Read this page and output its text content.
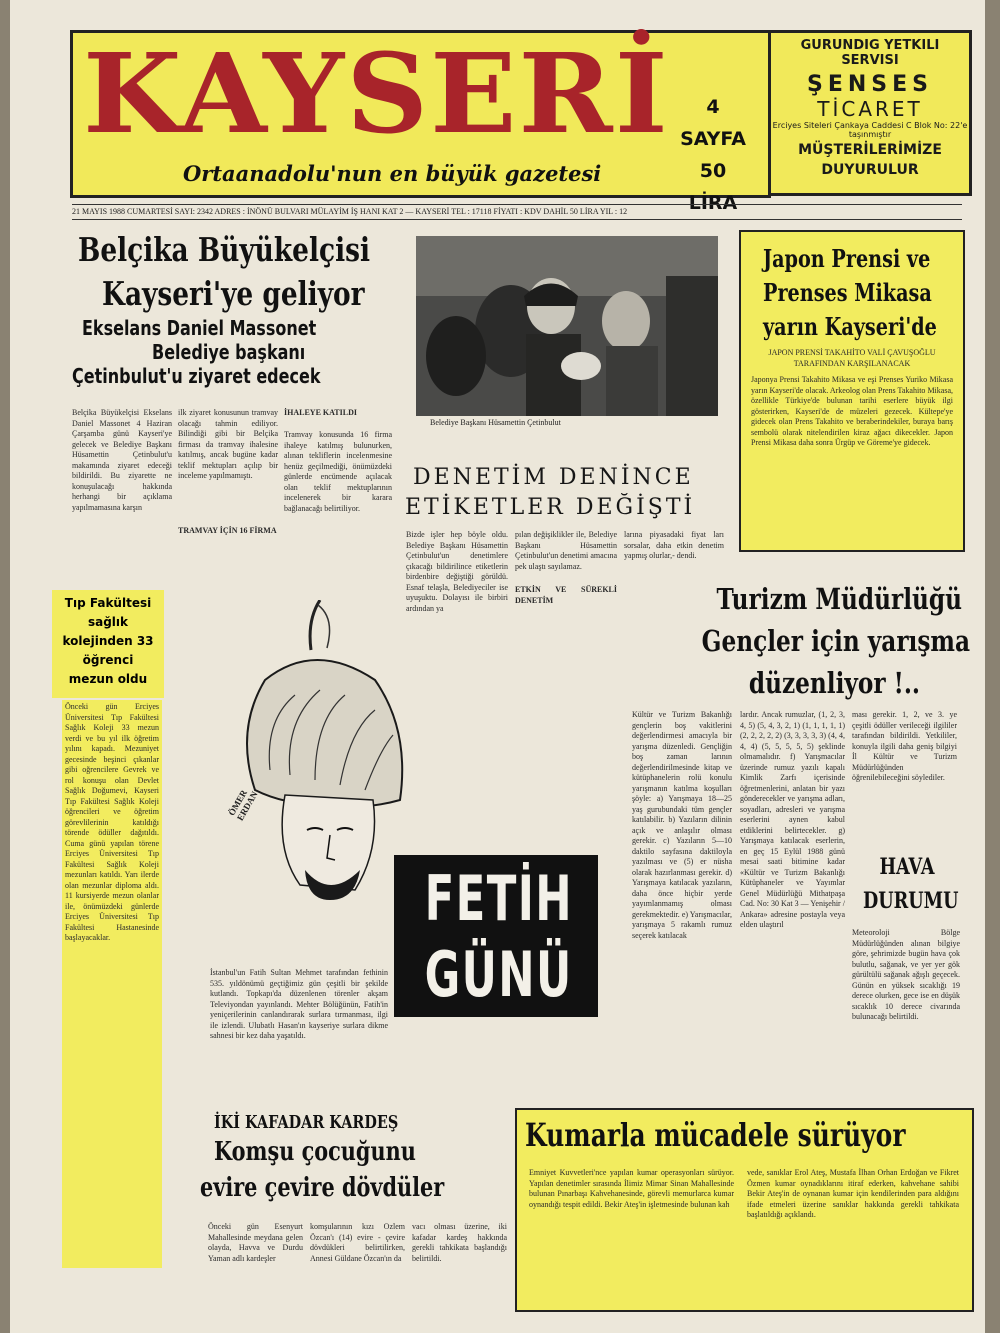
KAYSERİ
Ortaanadolu'nun en büyük gazetesi
4
SAYFA
50 LİRA
GURUNDIG YETKILI
SERVISI
ŞENSES
TİCARET
Erciyes Siteleri Çankaya Caddesi C Blok No: 22'e taşınmıştır
MÜŞTERİLERİMİZE
DUYURULUR
21 MAYIS 1988 CUMARTESİ SAYI: 2342 ADRES : İNÖNÜ BULVARI MÜLAYİM İŞ HANI KAT 2 — KAYSERİ TEL : 17118 FİYATI : KDV DAHİL 50 LİRA YIL : 12
Belçika Büyükelçisi
Kayseri'ye geliyor
Ekselans Daniel Massonet
Belediye başkanı
Çetinbulut'u ziyaret edecek
Belçika Büyükelçisi Ekselans Daniel Massonet 4 Haziran Çarşamba günü Kayseri'ye gelecek ve Belediye Başkanı Hüsamettin Çetinbulut'u makamında ziyaret edeceği bildirildi. Bu ziyarette ne konuşulacağı hakkında herhangi bir açıklama yapılmamasına karşın
ilk ziyaret konusunun tramvay olacağı tahmin ediliyor. Bilindiği gibi bir Belçika firması da tramvay ihalesine katılmış, ancak bugüne kadar teklif mektupları açılıp bir inceleme yapılmamıştı.
TRAMVAY İÇİN 16 FİRMA
İHALEYE KATILDI
Tramvay konusunda 16 firma ihaleye katılmış bulunurken, alınan tekliflerin incelenmesine henüz geçilmediği, önümüzdeki günlerde encümende açılacak olan teklif mektuplarının incelenerek bir karara bağlanacağı belirtiliyor.
Belediye Başkanı Hüsamettin Çetinbulut
DENETİM DENİNCE
ETİKETLER DEĞİŞTİ
Bizde işler hep böyle oldu. Belediye Başkanı Hüsamettin Çetinbulut'un denetimlere çıkacağı bildirilince etiketlerin birdenbire değiştiği görüldü. Esnaf telaşla, Belediyeciler ise uyuşuktu. Dolayısı ile birbiri ardından ya
pılan değişiklikler ile, Belediye Başkanı Hüsamettin Çetinbulut'un denetimi amacına pek ulaştı sayılamaz.
ETKİN VE SÜREKLİ DENETİM
larına piyasadaki fiyat ları sorsalar, daha etkin denetim yapmış olurlar,- dendi.
Japon Prensi ve
Prenses Mikasa
yarın Kayseri'de
JAPON PRENSİ TAKAHİTO VALİ ÇAVUŞOĞLU TARAFINDAN KARŞILANACAK
Japonya Prensi Takahito Mikasa ve eşi Prenses Yuriko Mikasa yarın Kayseri'de olacak. Arkeolog olan Prens Takahito Mikasa, özellikle Türkiye'de bulunan tarihi eserlere büyük ilgi gösterirken, Kayseri'de de müzeleri gezecek. Kültepe'ye gidecek olan Prens Takahito ve beraberindekiler, buraya barış sembolü olarak nitelendirilen kiraz ağacı dikecekler. Japon Prensi Mikasa daha sonra Ürgüp ve Göreme'ye gidecek.
Tıp Fakültesi
sağlık
kolejinden 33
öğrenci
mezun oldu
Önceki gün Erciyes Üniversitesi Tıp Fakültesi Sağlık Koleji 33 mezun verdi ve bu yıl ilk öğretim yılını kapadı. Mezuniyet gecesinde beşinci çıkanlar gibi oğrencilere Gevrek ve rol konuşu olan Devlet Sağlık Doğumevi, Kayseri Tıp Fakültesi Sağlık Koleji öğrencileri ve öğretim görevlilerinin katıldığı törende ödüller dağıtıldı. Cuma günü yapılan törene Erciyes Üniversitesi Tıp Fakültesi Sağlık Koleji mezunları katıldı. Yarı ilerde olan mezunlar diploma aldı. 11 kursiyerde mezun olanlar ile, önümüzdeki günlerde Erciyes Üniversitesi Tıp Fakültesi Hastanesinde başlayacaklar.
ÖMER ERDAN
FETİH
GÜNÜ
İstanbul'un Fatih Sultan Mehmet tarafından fethinin 535. yıldönümü geçtiğimiz gün çeşitli bir şekilde kutlandı. Topkapı'da düzenlenen törenler akşam Televiyondan yayınlandı. Mehter Bölüğünün, Fatih'in yeniçerilerinin canlandırarak surlara tırmanması, ilgi ile izlendi. Ulubatlı Hasan'ın kayseriye surlara dikme sahnesi bir kez daha yaşatıldı.
Turizm Müdürlüğü
Gençler için yarışma
düzenliyor !..
Kültür ve Turizm Bakanlığı gençlerin boş vakitlerini değerlendirmesi amacıyla bir yarışma düzenledi. Gençliğin boş zaman larının değerlendirilmesinde kitap ve kütüphanelerin rolü konulu yarışmanın katılma koşulları şöyle: a) Yarışmaya 18—25 yaş gurubundaki tüm gençler katılabilir. b) Yazıların dilinin açık ve anlaşılır olması gerekir. c) Yazıların 5—10 daktilo sayfasına daktiloyla yazılması ve (5) er nüsha olarak hazırlanması gerekir. d) Yarışmaya katılacak yazıların, daha önce hiçbir yerde yayımlanmamış olması gerekmektedir. e) Yarışmacılar, yarışmaya 5 rakamlı rumuz seçerek katılacak
lardır. Ancak rumuzlar, (1, 2, 3, 4, 5) (5, 4, 3, 2, 1) (1, 1, 1, 1, 1) (2, 2, 2, 2, 2) (3, 3, 3, 3, 3) (4, 4, 4, 4) (5, 5, 5, 5, 5) şeklinde olmamalıdır. f) Yarışmacılar üzerinde rumuz yazılı kapalı Kimlik Zarfı içerisinde öğretmenlerini, anlatan bir yazı gönderecekler ve yarışma adları, soyadları, adresleri ve yarışma eserlerini aynen kabul etdiklerini belirtecekler. g) Yarışmaya katılacak eserlerin, en geç 15 Eylül 1988 günü mesai saati bitimine kadar «Kültür ve Turizm Bakanlığı Kütüphaneler ve Yayımlar Genel Müdürlüğü Mithatpaşa Cad. No: 30 Kat 3 — Yenişehir / Ankara» adresine postayla veya elden ulaştırıl
ması gerekir. 1, 2, ve 3. ye çeşitli ödüller verileceği ilgililer tarafından bildirildi. Yetkililer, konuyla ilgili daha geniş bilgiyi İl Kültür ve Turizm Müdürlüğünden öğrenilebileceğini söylediler.
HAVA
DURUMU
Meteoroloji Bölge Müdürlüğünden alınan bilgiye göre, şehrimizde bugün hava çok bulutlu, sağanak, ve yer yer gök gürültülü sağanak ağışlı geçecek. Günün en yüksek sıcaklığı 19 derece olurken, gece ise en düşük sıcaklık 10 derece civarında bulunacağı belirtildi.
İKİ KAFADAR KARDEŞ
Komşu çocuğunu
evire çevire dövdüler
Önceki gün Esenyurt Mahallesinde meydana gelen olayda, Havva ve Durdu Yaman adlı kardeşler
komşularının kızı Ozlem Özcan'ı (14) evire - çevire dövdükleri belirtilirken, Annesi Güldane Özcan'ın da
vacı olması üzerine, iki kafadar kardeş hakkında gerekli tahkikata başlandığı belirtildi.
Kumarla mücadele sürüyor
Emniyet Kuvvetleri'nce yapılan kumar operasyonları sürüyor. Yapılan denetimler sırasında İlimiz Mimar Sinan Mahallesinde bulunan Pınarbaşı Kahvehanesinde, görevli memurlarca kumar oynandığı tespit edildi. Bekir Ateş'in işletmesinde bulunan kah
vede, sanıklar Erol Ateş, Mustafa İlhan Orhan Erdoğan ve Fikret Özmen kumar oynadıklarını itiraf ederken, kahvehane sahibi Bekir Ateş'in de oynanan kumar için kendilerinden para aldığını ifade etmeleri üzerine sanıklar hakkında gerekli tahkikata başlatıldığı açıklandı.
